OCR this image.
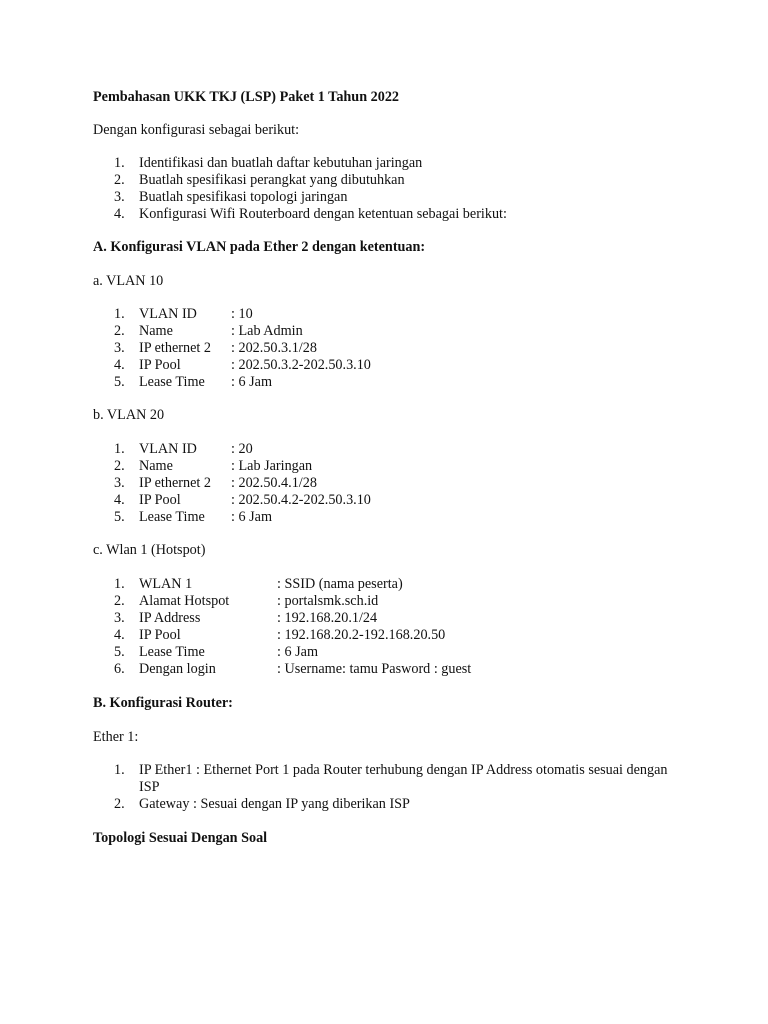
Pembahasan UKK TKJ (LSP) Paket 1 Tahun 2022

Dengan konfigurasi sebagai berikut:

1. Identifikasi dan buatlah daftar kebutuhan jaringan
2. Buatlah spesifikasi perangkat yang dibutuhkan
3. Buatlah spesifikasi topologi jaringan
4. Konfigurasi Wifi Routerboard dengan ketentuan sebagai berikut:

A. Konfigurasi VLAN pada Ether 2 dengan ketentuan:

a. VLAN 10

1. VLAN ID	: 10
2. Name	: Lab Admin
3. IP ethernet 2	: 202.50.3.1/28
4. IP Pool	: 202.50.3.2-202.50.3.10
5. Lease Time	: 6 Jam

b. VLAN 20

1. VLAN ID	: 20
2. Name	: Lab Jaringan
3. IP ethernet 2	: 202.50.4.1/28
4. IP Pool	: 202.50.4.2-202.50.3.10
5. Lease Time	: 6 Jam

c. Wlan 1 (Hotspot)

1. WLAN 1	: SSID (nama peserta)
2. Alamat Hotspot	: portalsmk.sch.id
3. IP Address	: 192.168.20.1/24
4. IP Pool	: 192.168.20.2-192.168.20.50
5. Lease Time	: 6 Jam
6. Dengan login	: Username: tamu Pasword : guest

B. Konfigurasi Router:

Ether 1:

1. IP Ether1 : Ethernet Port 1 pada Router terhubung dengan IP Address otomatis sesuai dengan ISP
2. Gateway : Sesuai dengan IP yang diberikan ISP

Topologi Sesuai Dengan Soal
